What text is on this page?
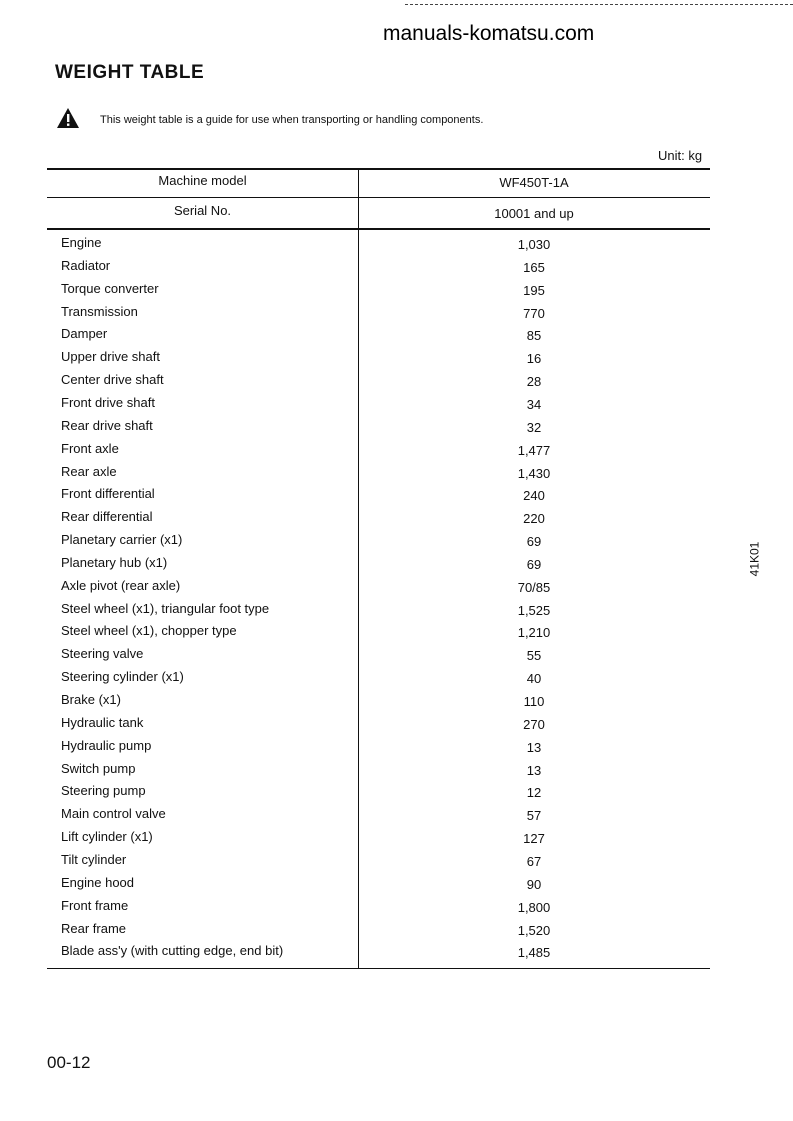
manuals-komatsu.com
WEIGHT TABLE
This weight table is a guide for use when transporting or handling components.
Unit: kg
Machine model	WF450T-1A
Serial No.	10001 and up
Engine	1,030
Radiator	165
Torque converter	195
Transmission	770
Damper	85
Upper drive shaft	16
Center drive shaft	28
Front drive shaft	34
Rear drive shaft	32
Front axle	1,477
Rear axle	1,430
Front differential	240
Rear differential	220
Planetary carrier (x1)	69
Planetary hub (x1)	69
Axle pivot (rear axle)	70/85
Steel wheel (x1), triangular foot type	1,525
Steel wheel (x1), chopper type	1,210
Steering valve	55
Steering cylinder (x1)	40
Brake (x1)	110
Hydraulic tank	270
Hydraulic pump	13
Switch pump	13
Steering pump	12
Main control valve	57
Lift cylinder (x1)	127
Tilt cylinder	67
Engine hood	90
Front frame	1,800
Rear frame	1,520
Blade ass'y (with cutting edge, end bit)	1,485
41K01
00-12
